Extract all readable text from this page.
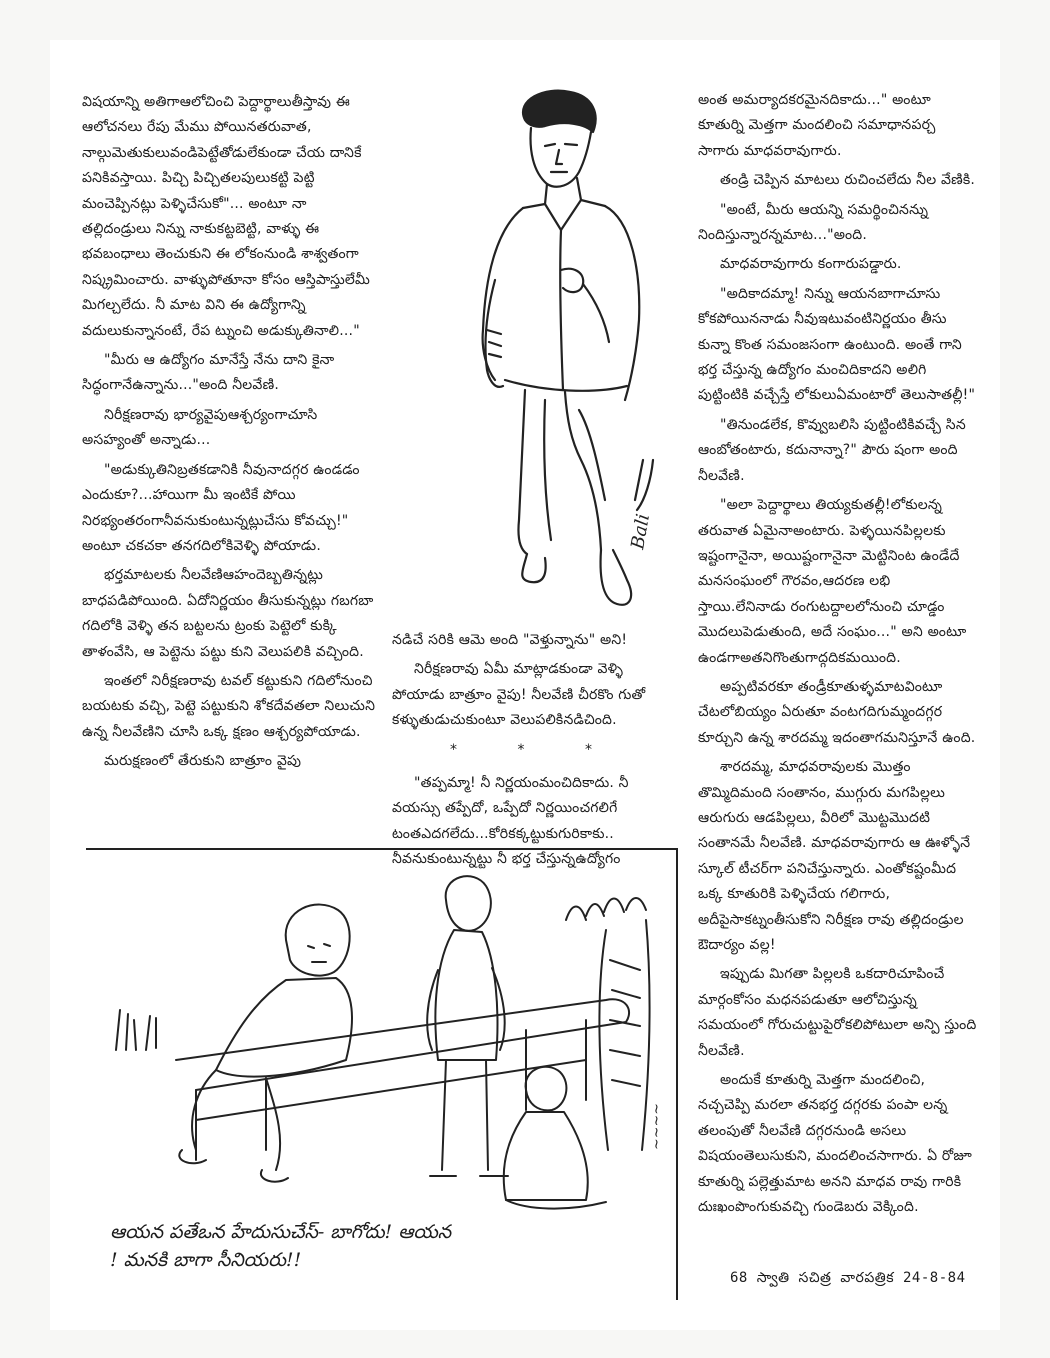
విషయాన్ని అతిగాఆలోచించి పెద్దార్థాలుతీస్తావు ఈ ఆలోచనలు రేపు మేము పోయినతరువాత, నాల్గుమెతుకులువండిపెట్టేతోడులేకుండా చేయ దానికే పనికివస్తాయి. పిచ్చి పిచ్చితలపులుకట్టి పెట్టి మంచెప్పినట్లు పెళ్ళిచేసుకో"... అంటూ నా తల్లిదండ్రులు నిన్ను నాకుకట్టబెట్టి, వాళ్ళు ఈ భవబంధాలు తెంచుకుని ఈ లోకంనుండి శాశ్వతంగా నిష్క్రమించారు. వాళ్ళుపోతూనా కోసం ఆస్తిపాస్తులేమీ మిగల్చలేదు. నీ మాట విని ఈ ఉద్యోగాన్ని వదులుకున్నానంటే, రేప ట్నుంచి అడుక్కుతినాలి..."

"మీరు ఆ ఉద్యోగం మానేస్తే నేను దాని కైనా సిద్ధంగానేఉన్నాను..."అంది నీలవేణి.

నిరీక్షణరావు భార్యవైపుఆశ్చర్యంగాచూసి అసహ్యంతో అన్నాడు...

"అడుక్కుతినిబ్రతకడానికి నీవునాదగ్గర ఉండడం ఎందుకూ?...హాయిగా మీ ఇంటికే పోయి నిరభ్యంతరంగానీవనుకుంటున్నట్లుచేసు కోవచ్చు!" అంటూ చకచకా తనగదిలోకివెళ్ళి పోయాడు.

భర్తమాటలకు నీలవేణిఆహందెబ్బతిన్నట్లు బాధపడిపోయింది. ఏదోనిర్ణయం తీసుకున్నట్లు గబగబా గదిలోకి వెళ్ళి తన బట్టలను ట్రంకు పెట్టెలో కుక్కి తాళంవేసి, ఆ పెట్టెను పట్టు కుని వెలుపలికి వచ్చింది.

ఇంతలో నిరీక్షణరావు టవల్ కట్టుకుని గదిలోనుంచి బయటకు వచ్చి, పెట్టె పట్టుకుని శోకదేవతలా నిలుచుని ఉన్న నీలవేణిని చూసి ఒక్క క్షణం ఆశ్చర్యపోయాడు.

మరుక్షణంలో తేరుకుని బాత్రూం వైపు

Bali

నడిచే సరికి ఆమె అంది "వెళ్తున్నాను" అని!

నిరీక్షణరావు ఏమీ మాట్లాడకుండా వెళ్ళి పోయాడు బాత్రూం వైపు! నీలవేణి చీరకొం గుతో కళ్ళుతుడుచుకుంటూ వెలుపలికినడిచింది.

* * *

"తప్పమ్మా! నీ నిర్ణయంమంచిదికాదు. నీ వయస్సు తప్పేదో, ఒప్పేదో నిర్ణయించగలిగే టంతఎదగలేదు...కోరికక్కట్టుకుగురికాకు.. నీవనుకుంటున్నట్టు నీ భర్త చేస్తున్నఉద్యోగం

అంత అమర్యాదకరమైనదికాదు..." అంటూ కూతుర్ని మెత్తగా మందలించి సమాధానపర్చ సాగారు మాధవరావుగారు.

తండ్రి చెప్పిన మాటలు రుచించలేదు నీల వేణికి.

"అంటే, మీరు ఆయన్ని సమర్థించినన్ను నిందిస్తున్నారన్నమాట..."అంది.

మాధవరావుగారు కంగారుపడ్డారు.

"అదికాదమ్మా! నిన్ను ఆయనబాగాచూసు కోకపోయిననాడు నీవుఇటువంటినిర్ణయం తీసు కున్నా కొంత సమంజసంగా ఉంటుంది. అంతే గాని భర్త చేస్తున్న ఉద్యోగం మంచిదికాదని అలిగి పుట్టింటికి వచ్చేస్తే లోకులుఏమంటారో తెలుసాతల్లీ!"

"తినుండలేక, కొవ్వుబలిసి పుట్టింటికివచ్చే సిన ఆంబోతంటారు, కదునాన్నా?" పౌరు షంగా అంది నీలవేణి.

"అలా పెద్దార్థాలు తియ్యకుతల్లీ!లోకులన్న తరువాత ఏమైనాఅంటారు. పెళ్ళయినపిల్లలకు ఇష్టంగానైనా, అయిష్టంగానైనా మెట్టినింట ఉండేదే మనసంఘంలో గౌరవం,ఆదరణ లభి స్తాయి.లేనినాడు రంగుటద్దాలలోనుంచి చూడ్డం మొదలుపెడుతుంది, అదే సంఘం..." అని అంటూ ఉండగాఅతనిగొంతుగాద్గదికమయింది.

అప్పటివరకూ తండ్రీకూతుళ్ళమాటవింటూ చేటలోబియ్యం ఏరుతూ వంటగదిగుమ్మందగ్గర కూర్చుని ఉన్న శారదమ్మ ఇదంతాగమనిస్తూనే ఉంది.

శారదమ్మ, మాధవరావులకు మొత్తం తొమ్మిదిమంది సంతానం, ముగ్గురు మగపిల్లలు ఆరుగురు ఆడపిల్లలు, వీరిలో మొట్టమొదటి సంతానమే నీలవేణి. మాధవరావుగారు ఆ ఊళ్ళోనే స్కూల్ టీచర్‌గా పనిచేస్తున్నారు. ఎంతోకష్టంమీద ఒక్క కూతురికి పెళ్ళిచేయ గలిగారు, అదీపైసాకట్నంతీసుకోని నిరీక్షణ రావు తల్లిదండ్రుల ఔదార్యం వల్ల!

ఇప్పుడు మిగతా పిల్లలకి ఒకదారిచూపించే మార్గంకోసం మధనపడుతూ ఆలోచిస్తున్న సమయంలో గోరుచుట్టుపైరోకలిపోటులా అన్పి స్తుంది నీలవేణి.

అందుకే కూతుర్ని మెత్తగా మందలించి, నచ్చచెప్పి మరలా తనభర్త దగ్గరకు పంపా లన్న తలంపుతో నీలవేణి దగ్గరనుండి అసలు విషయంతెలుసుకుని, మందలించసాగారు. ఏ రోజూ కూతుర్ని పల్లెత్తుమాట అనని మాధవ రావు గారికి దుఃఖంపొంగుకువచ్చి గుండెబరు వెక్కింది.

~~~~
ఆయన పతేఒన హేదుసుచేస్- బాగోదు! ఆయన
! మనకి బాగా సీనియరు!!
68 స్వాతి సచిత్ర వారపత్రిక 24-8-84
